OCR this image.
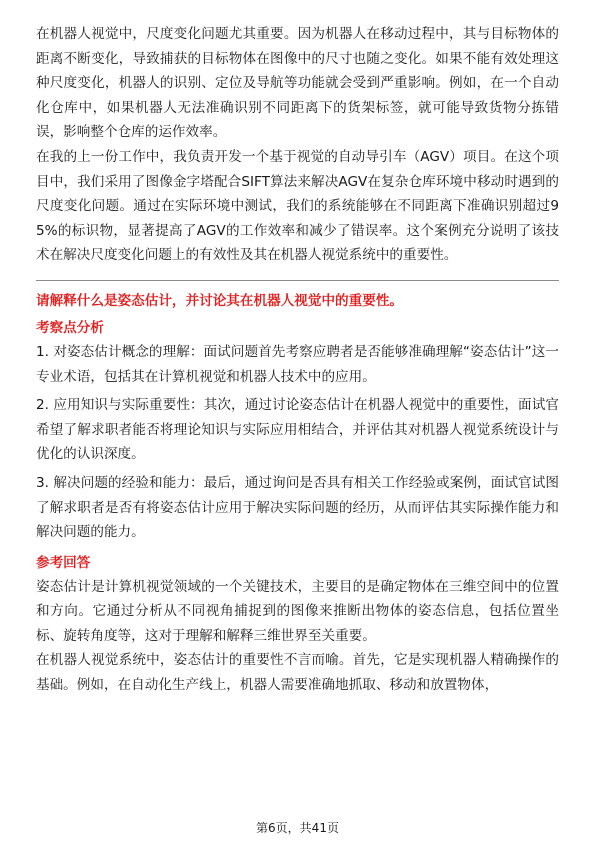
在机器人视觉中，尺度变化问题尤其重要。因为机器人在移动过程中，其与目标物体的距离不断变化，导致捕获的目标物体在图像中的尺寸也随之变化。如果不能有效处理这种尺度变化，机器人的识别、定位及导航等功能就会受到严重影响。例如，在一个自动化仓库中，如果机器人无法准确识别不同距离下的货架标签，就可能导致货物分拣错误，影响整个仓库的运作效率。

在我的上一份工作中，我负责开发一个基于视觉的自动导引车（AGV）项目。在这个项目中，我们采用了图像金字塔配合SIFT算法来解决AGV在复杂仓库环境中移动时遇到的尺度变化问题。通过在实际环境中测试，我们的系统能够在不同距离下准确识别超过95%的标识物，显著提高了AGV的工作效率和减少了错误率。这个案例充分说明了该技术在解决尺度变化问题上的有效性及其在机器人视觉系统中的重要性。

请解释什么是姿态估计，并讨论其在机器人视觉中的重要性。
考察点分析

1. 对姿态估计概念的理解：面试问题首先考察应聘者是否能够准确理解“姿态估计”这一专业术语，包括其在计算机视觉和机器人技术中的应用。

2. 应用知识与实际重要性：其次，通过讨论姿态估计在机器人视觉中的重要性，面试官希望了解求职者能否将理论知识与实际应用相结合，并评估其对机器人视觉系统设计与优化的认识深度。

3. 解决问题的经验和能力：最后，通过询问是否具有相关工作经验或案例，面试官试图了解求职者是否有将姿态估计应用于解决实际问题的经历，从而评估其实际操作能力和解决问题的能力。

参考回答

姿态估计是计算机视觉领域的一个关键技术，主要目的是确定物体在三维空间中的位置和方向。它通过分析从不同视角捕捉到的图像来推断出物体的姿态信息，包括位置坐标、旋转角度等，这对于理解和解释三维世界至关重要。

在机器人视觉系统中，姿态估计的重要性不言而喻。首先，它是实现机器人精确操作的基础。例如，在自动化生产线上，机器人需要准确地抓取、移动和放置物体，

第6页，共41页
